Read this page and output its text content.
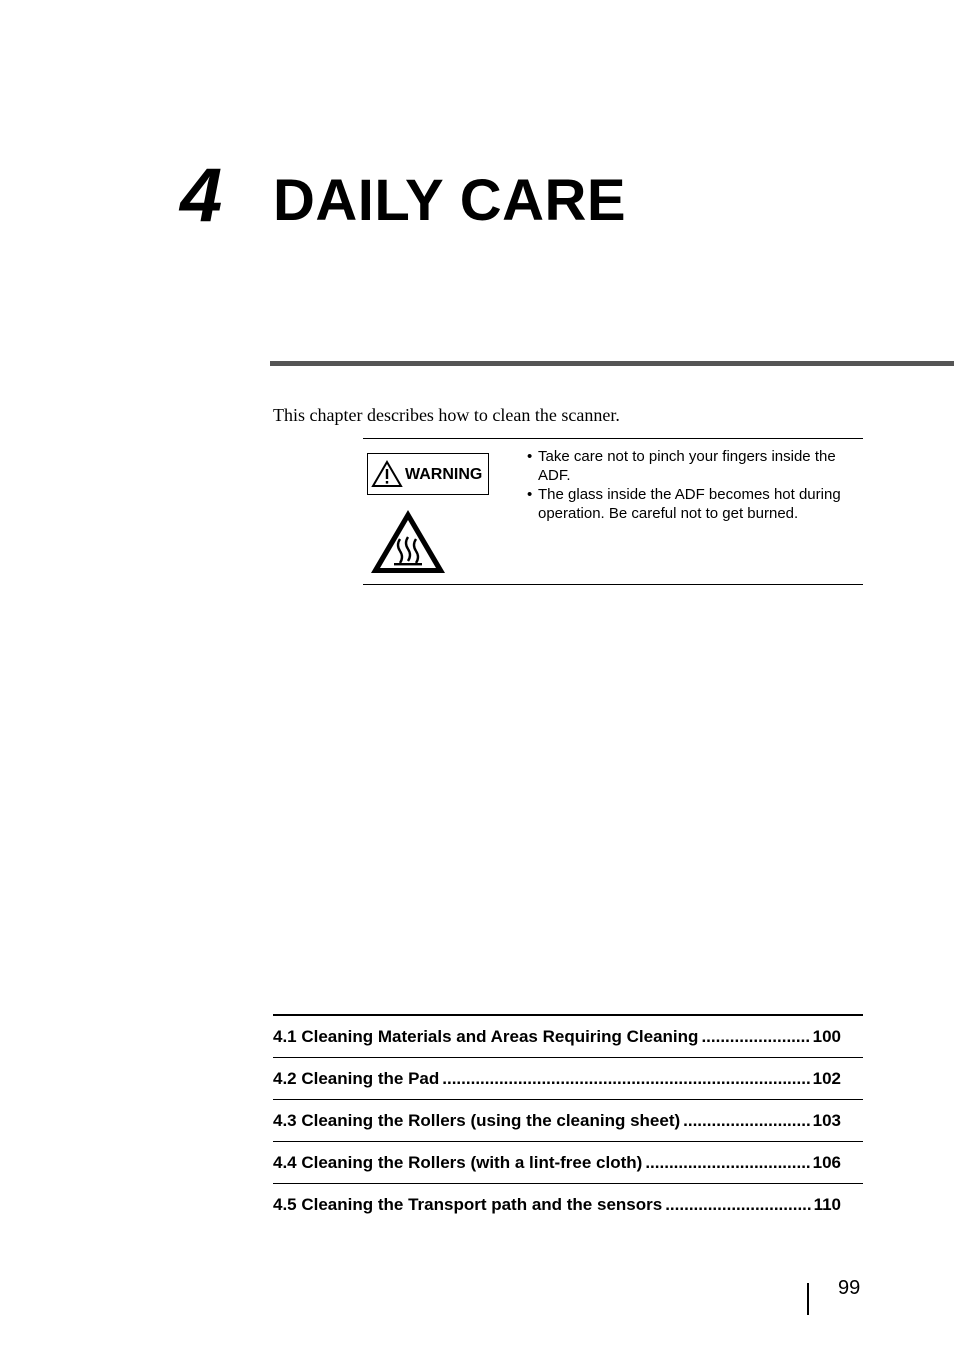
4 DAILY CARE
This chapter describes how to clean the scanner.
WARNING
• Take care not to pinch your fingers inside the ADF.
• The glass inside the ADF becomes hot during operation. Be careful not to get burned.
4.1 Cleaning Materials and Areas Requiring Cleaning .....	100
4.2 Cleaning the Pad .....	102
4.3 Cleaning the Rollers (using the cleaning sheet) .....	103
4.4 Cleaning the Rollers (with a lint-free cloth) .....	106
4.5 Cleaning the Transport path and the sensors .....	110
99
